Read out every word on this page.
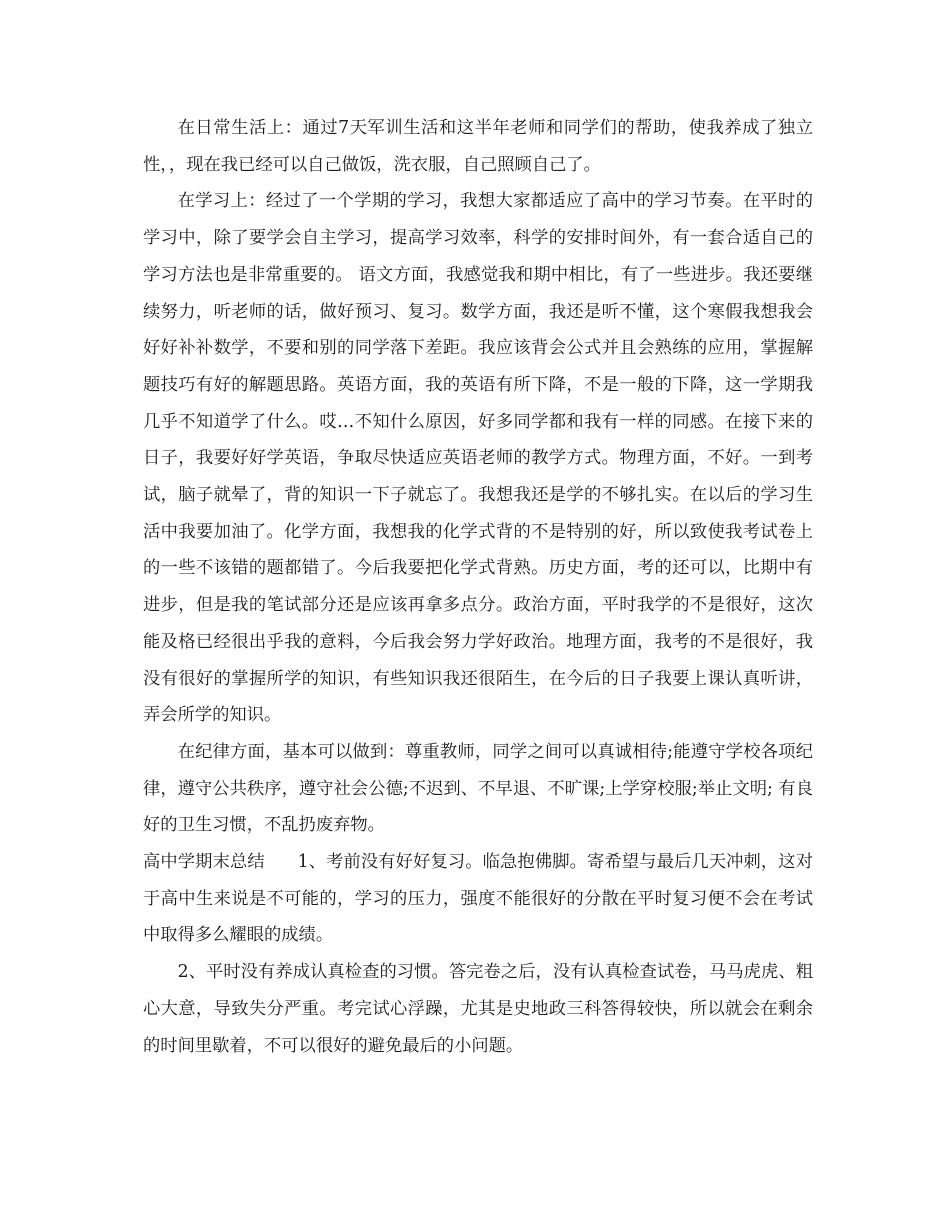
在日常生活上：通过7天军训生活和这半年老师和同学们的帮助，使我养成了独立性，，现在我已经可以自己做饭，洗衣服，自己照顾自己了。

在学习上：经过了一个学期的学习，我想大家都适应了高中的学习节奏。在平时的学习中，除了要学会自主学习，提高学习效率，科学的安排时间外，有一套合适自己的学习方法也是非常重要的。 语文方面，我感觉我和期中相比，有了一些进步。我还要继续努力，听老师的话，做好预习、复习。数学方面，我还是听不懂，这个寒假我想我会好好补补数学，不要和别的同学落下差距。我应该背会公式并且会熟练的应用，掌握解题技巧有好的解题思路。英语方面，我的英语有所下降，不是一般的下降，这一学期我几乎不知道学了什么。哎…不知什么原因，好多同学都和我有一样的同感。在接下来的日子，我要好好学英语，争取尽快适应英语老师的教学方式。物理方面，不好。一到考试，脑子就晕了，背的知识一下子就忘了。我想我还是学的不够扎实。在以后的学习生活中我要加油了。化学方面，我想我的化学式背的不是特别的好，所以致使我考试卷上的一些不该错的题都错了。今后我要把化学式背熟。历史方面，考的还可以，比期中有进步，但是我的笔试部分还是应该再拿多点分。政治方面，平时我学的不是很好，这次能及格已经很出乎我的意料，今后我会努力学好政治。地理方面，我考的不是很好，我没有很好的掌握所学的知识，有些知识我还很陌生，在今后的日子我要上课认真听讲，弄会所学的知识。

在纪律方面，基本可以做到：尊重教师，同学之间可以真诚相待;能遵守学校各项纪律，遵守公共秩序，遵守社会公德;不迟到、不早退、不旷课;上学穿校服;举止文明; 有良好的卫生习惯，不乱扔废弃物。

高中学期末总结 1、考前没有好好复习。临急抱佛脚。寄希望与最后几天冲刺，这对于高中生来说是不可能的，学习的压力，强度不能很好的分散在平时复习便不会在考试中取得多么耀眼的成绩。

2、平时没有养成认真检查的习惯。答完卷之后，没有认真检查试卷，马马虎虎、粗心大意，导致失分严重。考完试心浮躁，尤其是史地政三科答得较快，所以就会在剩余的时间里歇着，不可以很好的避免最后的小问题。
